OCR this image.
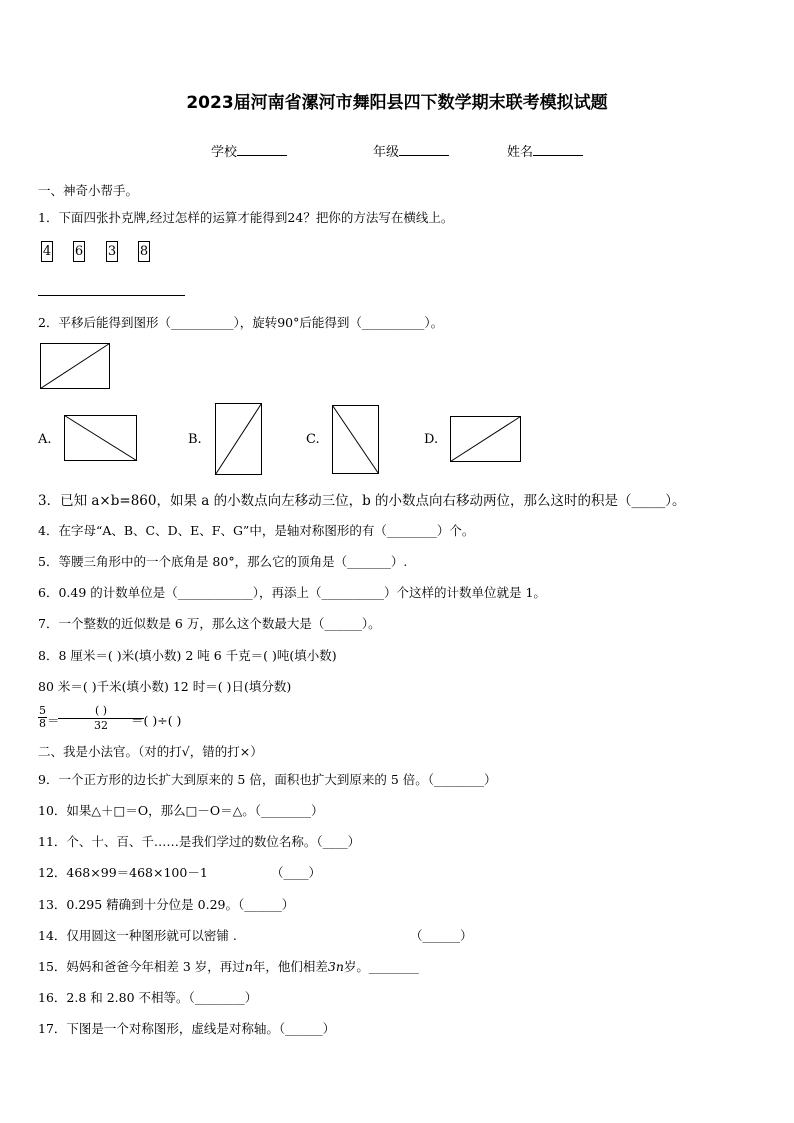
2023届河南省漯河市舞阳县四下数学期末联考模拟试题
学校	年级	姓名
一、神奇小帮手。
1．下面四张扑克牌,经过怎样的运算才能得到24？把你的方法写在横线上。
4 6 3 8
2．平移后能得到图形（__________），旋转90°后能得到（__________）。
A.	B.	C.	D.
3．已知 a×b=860，如果 a 的小数点向左移动三位，b 的小数点向右移动两位，那么这时的积是（_____）。
4．在字母“A、B、C、D、E、F、G”中，是轴对称图形的有（________）个。
5．等腰三角形中的一个底角是 80°，那么它的顶角是（_______）.
6．0.49 的计数单位是（____________），再添上（__________）个这样的计数单位就是 1。
7．一个整数的近似数是 6 万，那么这个数最大是（______）。
8．8 厘米＝( )米(填小数) 2 吨 6 千克＝( )吨(填小数)
80 米＝( )千米(填小数) 12 时＝( )日(填分数)
$\frac{5}{8}$ ＝
( )
32	＝( )÷( )
二、我是小法官。（对的打√，错的打×）
9．一个正方形的边长扩大到原来的 5 倍，面积也扩大到原来的 5 倍。（________）
10．如果△＋□＝O，那么□－O＝△。（________）
11．个、十、百、千……是我们学过的数位名称。（____）
12．468×99＝468×100－1	（____）
13．0.295 精确到十分位是 0.29。（______）
14．仅用圆这一种图形就可以密铺 .	（______）
15．妈妈和爸爸今年相差 3 岁，再过n年，他们相差3n岁。________
16．2.8 和 2.80 不相等。（________）
17．下图是一个对称图形，虚线是对称轴。（______）
